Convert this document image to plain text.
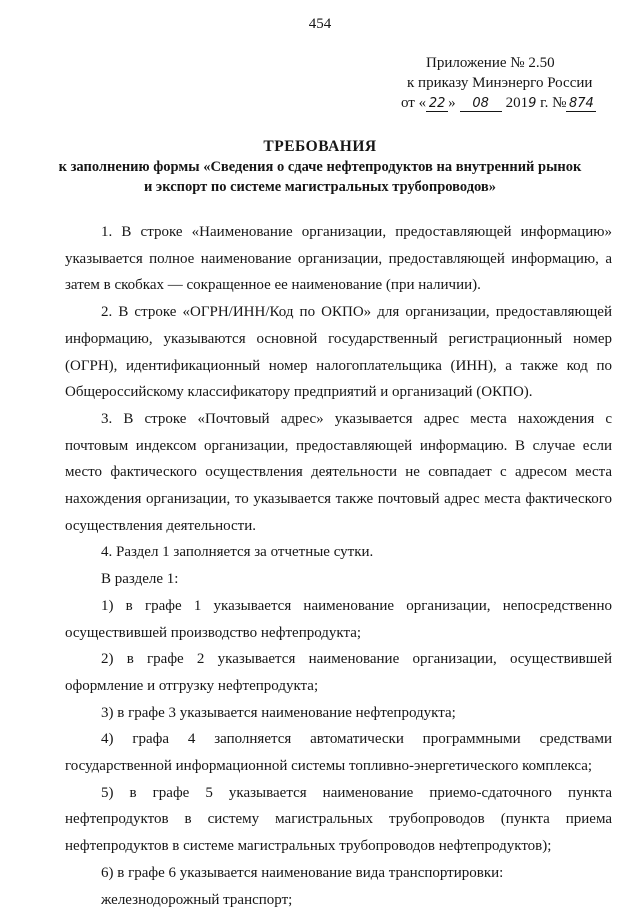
454
Приложение № 2.50
к приказу Минэнерго России
от « 22 » 08 2019 г. № 874
ТРЕБОВАНИЯ
к заполнению формы «Сведения о сдаче нефтепродуктов на внутренний рынок
и экспорт по системе магистральных трубопроводов»

1. В строке «Наименование организации, предоставляющей информацию» указывается полное наименование организации, предоставляющей информацию, а затем в скобках — сокращенное ее наименование (при наличии).

2. В строке «ОГРН/ИНН/Код по ОКПО» для организации, предоставляющей информацию, указываются основной государственный регистрационный номер (ОГРН), идентификационный номер налогоплательщика (ИНН), а также код по Общероссийскому классификатору предприятий и организаций (ОКПО).

3. В строке «Почтовый адрес» указывается адрес места нахождения с почтовым индексом организации, предоставляющей информацию. В случае если место фактического осуществления деятельности не совпадает с адресом места нахождения организации, то указывается также почтовый адрес места фактического осуществления деятельности.

4. Раздел 1 заполняется за отчетные сутки.

В разделе 1:

1) в графе 1 указывается наименование организации, непосредственно осуществившей производство нефтепродукта;

2) в графе 2 указывается наименование организации, осуществившей оформление и отгрузку нефтепродукта;

3) в графе 3 указывается наименование нефтепродукта;

4) графа 4 заполняется автоматически программными средствами государственной информационной системы топливно-энергетического комплекса;

5) в графе 5 указывается наименование приемо-сдаточного пункта нефтепродуктов в систему магистральных трубопроводов (пункта приема нефтепродуктов в системе магистральных трубопроводов нефтепродуктов);

6) в графе 6 указывается наименование вида транспортировки:

железнодорожный транспорт;
